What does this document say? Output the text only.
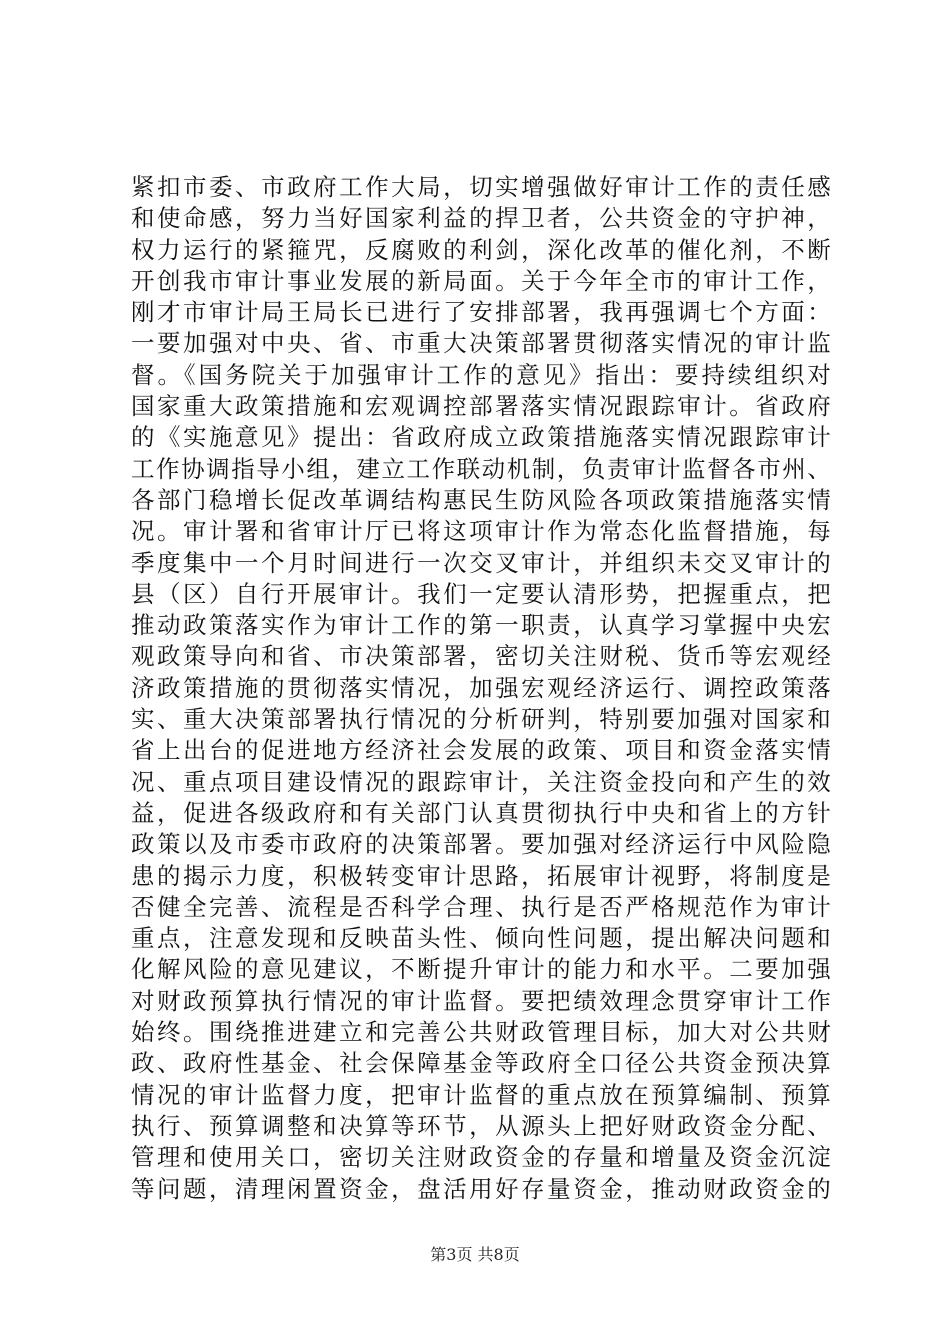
紧扣市委、市政府工作大局，切实增强做好审计工作的责任感
和使命感，努力当好国家利益的捍卫者，公共资金的守护神，
权力运行的紧箍咒，反腐败的利剑，深化改革的催化剂，不断
开创我市审计事业发展的新局面。关于今年全市的审计工作，
刚才市审计局王局长已进行了安排部署，我再强调七个方面：
一要加强对中央、省、市重大决策部署贯彻落实情况的审计监
督。《国务院关于加强审计工作的意见》指出：要持续组织对
国家重大政策措施和宏观调控部署落实情况跟踪审计。省政府
的《实施意见》提出：省政府成立政策措施落实情况跟踪审计
工作协调指导小组，建立工作联动机制，负责审计监督各市州、
各部门稳增长促改革调结构惠民生防风险各项政策措施落实情
况。审计署和省审计厅已将这项审计作为常态化监督措施，每
季度集中一个月时间进行一次交叉审计，并组织未交叉审计的
县（区）自行开展审计。我们一定要认清形势，把握重点，把
推动政策落实作为审计工作的第一职责，认真学习掌握中央宏
观政策导向和省、市决策部署，密切关注财税、货币等宏观经
济政策措施的贯彻落实情况，加强宏观经济运行、调控政策落
实、重大决策部署执行情况的分析研判，特别要加强对国家和
省上出台的促进地方经济社会发展的政策、项目和资金落实情
况、重点项目建设情况的跟踪审计，关注资金投向和产生的效
益，促进各级政府和有关部门认真贯彻执行中央和省上的方针
政策以及市委市政府的决策部署。要加强对经济运行中风险隐
患的揭示力度，积极转变审计思路，拓展审计视野，将制度是
否健全完善、流程是否科学合理、执行是否严格规范作为审计
重点，注意发现和反映苗头性、倾向性问题，提出解决问题和
化解风险的意见建议，不断提升审计的能力和水平。二要加强
对财政预算执行情况的审计监督。要把绩效理念贯穿审计工作
始终。围绕推进建立和完善公共财政管理目标，加大对公共财
政、政府性基金、社会保障基金等政府全口径公共资金预决算
情况的审计监督力度，把审计监督的重点放在预算编制、预算
执行、预算调整和决算等环节，从源头上把好财政资金分配、
管理和使用关口，密切关注财政资金的存量和增量及资金沉淀
等问题，清理闲置资金，盘活用好存量资金，推动财政资金的
第3页 共8页
